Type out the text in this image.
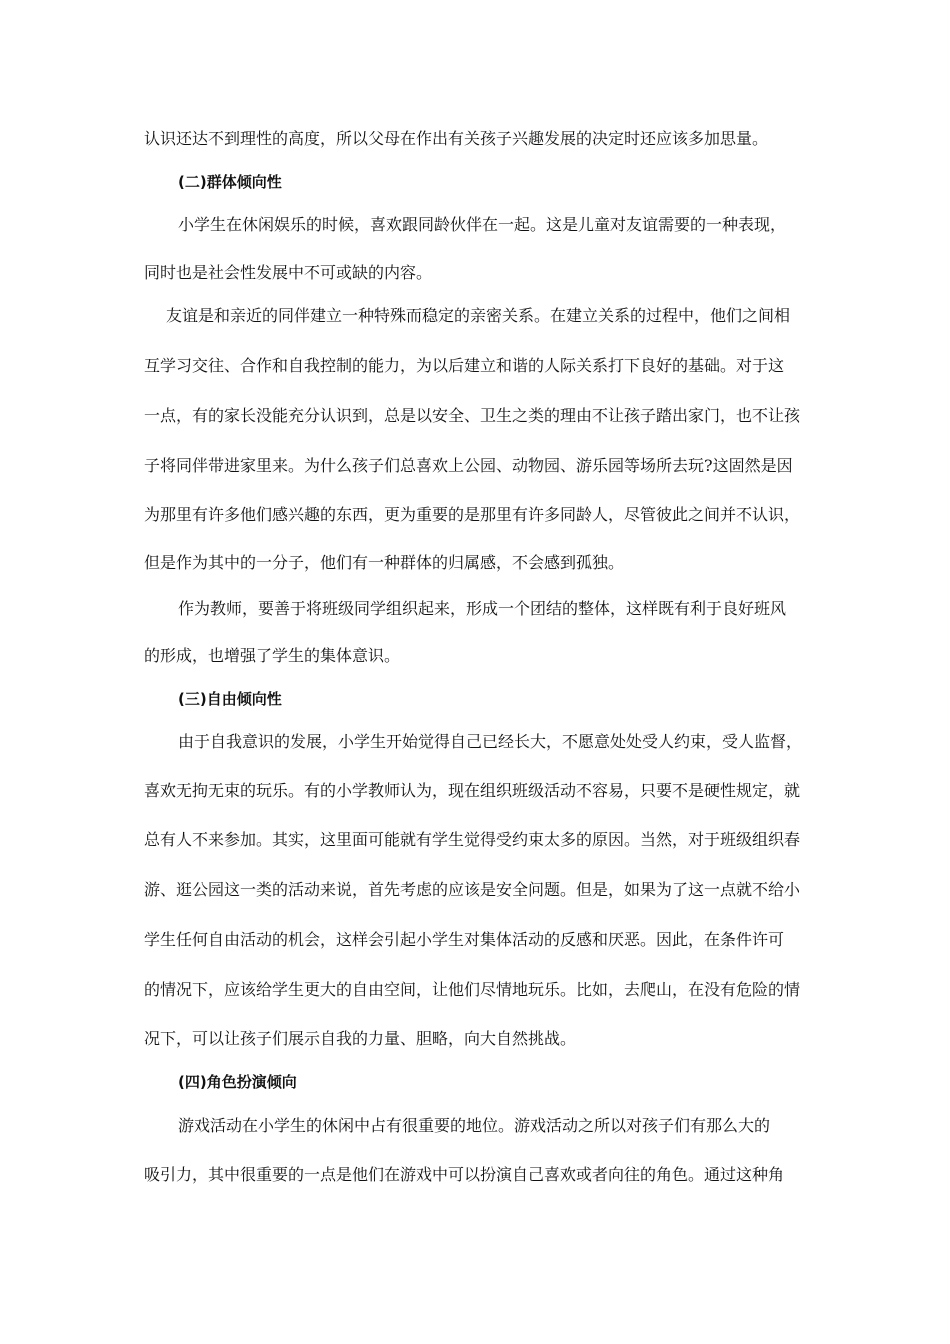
认识还达不到理性的高度，所以父母在作出有关孩子兴趣发展的决定时还应该多加思量。
(二)群体倾向性
小学生在休闲娱乐的时候，喜欢跟同龄伙伴在一起。这是儿童对友谊需要的一种表现，
同时也是社会性发展中不可或缺的内容。
友谊是和亲近的同伴建立一种特殊而稳定的亲密关系。在建立关系的过程中，他们之间相
互学习交往、合作和自我控制的能力，为以后建立和谐的人际关系打下良好的基础。对于这
一点，有的家长没能充分认识到，总是以安全、卫生之类的理由不让孩子踏出家门，也不让孩
子将同伴带进家里来。为什么孩子们总喜欢上公园、动物园、游乐园等场所去玩?这固然是因
为那里有许多他们感兴趣的东西，更为重要的是那里有许多同龄人，尽管彼此之间并不认识，
但是作为其中的一分子，他们有一种群体的归属感，不会感到孤独。
作为教师，要善于将班级同学组织起来，形成一个团结的整体，这样既有利于良好班风
的形成，也增强了学生的集体意识。
(三)自由倾向性
由于自我意识的发展，小学生开始觉得自己已经长大，不愿意处处受人约束，受人监督，
喜欢无拘无束的玩乐。有的小学教师认为，现在组织班级活动不容易，只要不是硬性规定，就
总有人不来参加。其实，这里面可能就有学生觉得受约束太多的原因。当然，对于班级组织春
游、逛公园这一类的活动来说，首先考虑的应该是安全问题。但是，如果为了这一点就不给小
学生任何自由活动的机会，这样会引起小学生对集体活动的反感和厌恶。因此，在条件许可
的情况下，应该给学生更大的自由空间，让他们尽情地玩乐。比如，去爬山，在没有危险的情
况下，可以让孩子们展示自我的力量、胆略，向大自然挑战。
(四)角色扮演倾向
游戏活动在小学生的休闲中占有很重要的地位。游戏活动之所以对孩子们有那么大的
吸引力，其中很重要的一点是他们在游戏中可以扮演自己喜欢或者向往的角色。通过这种角
